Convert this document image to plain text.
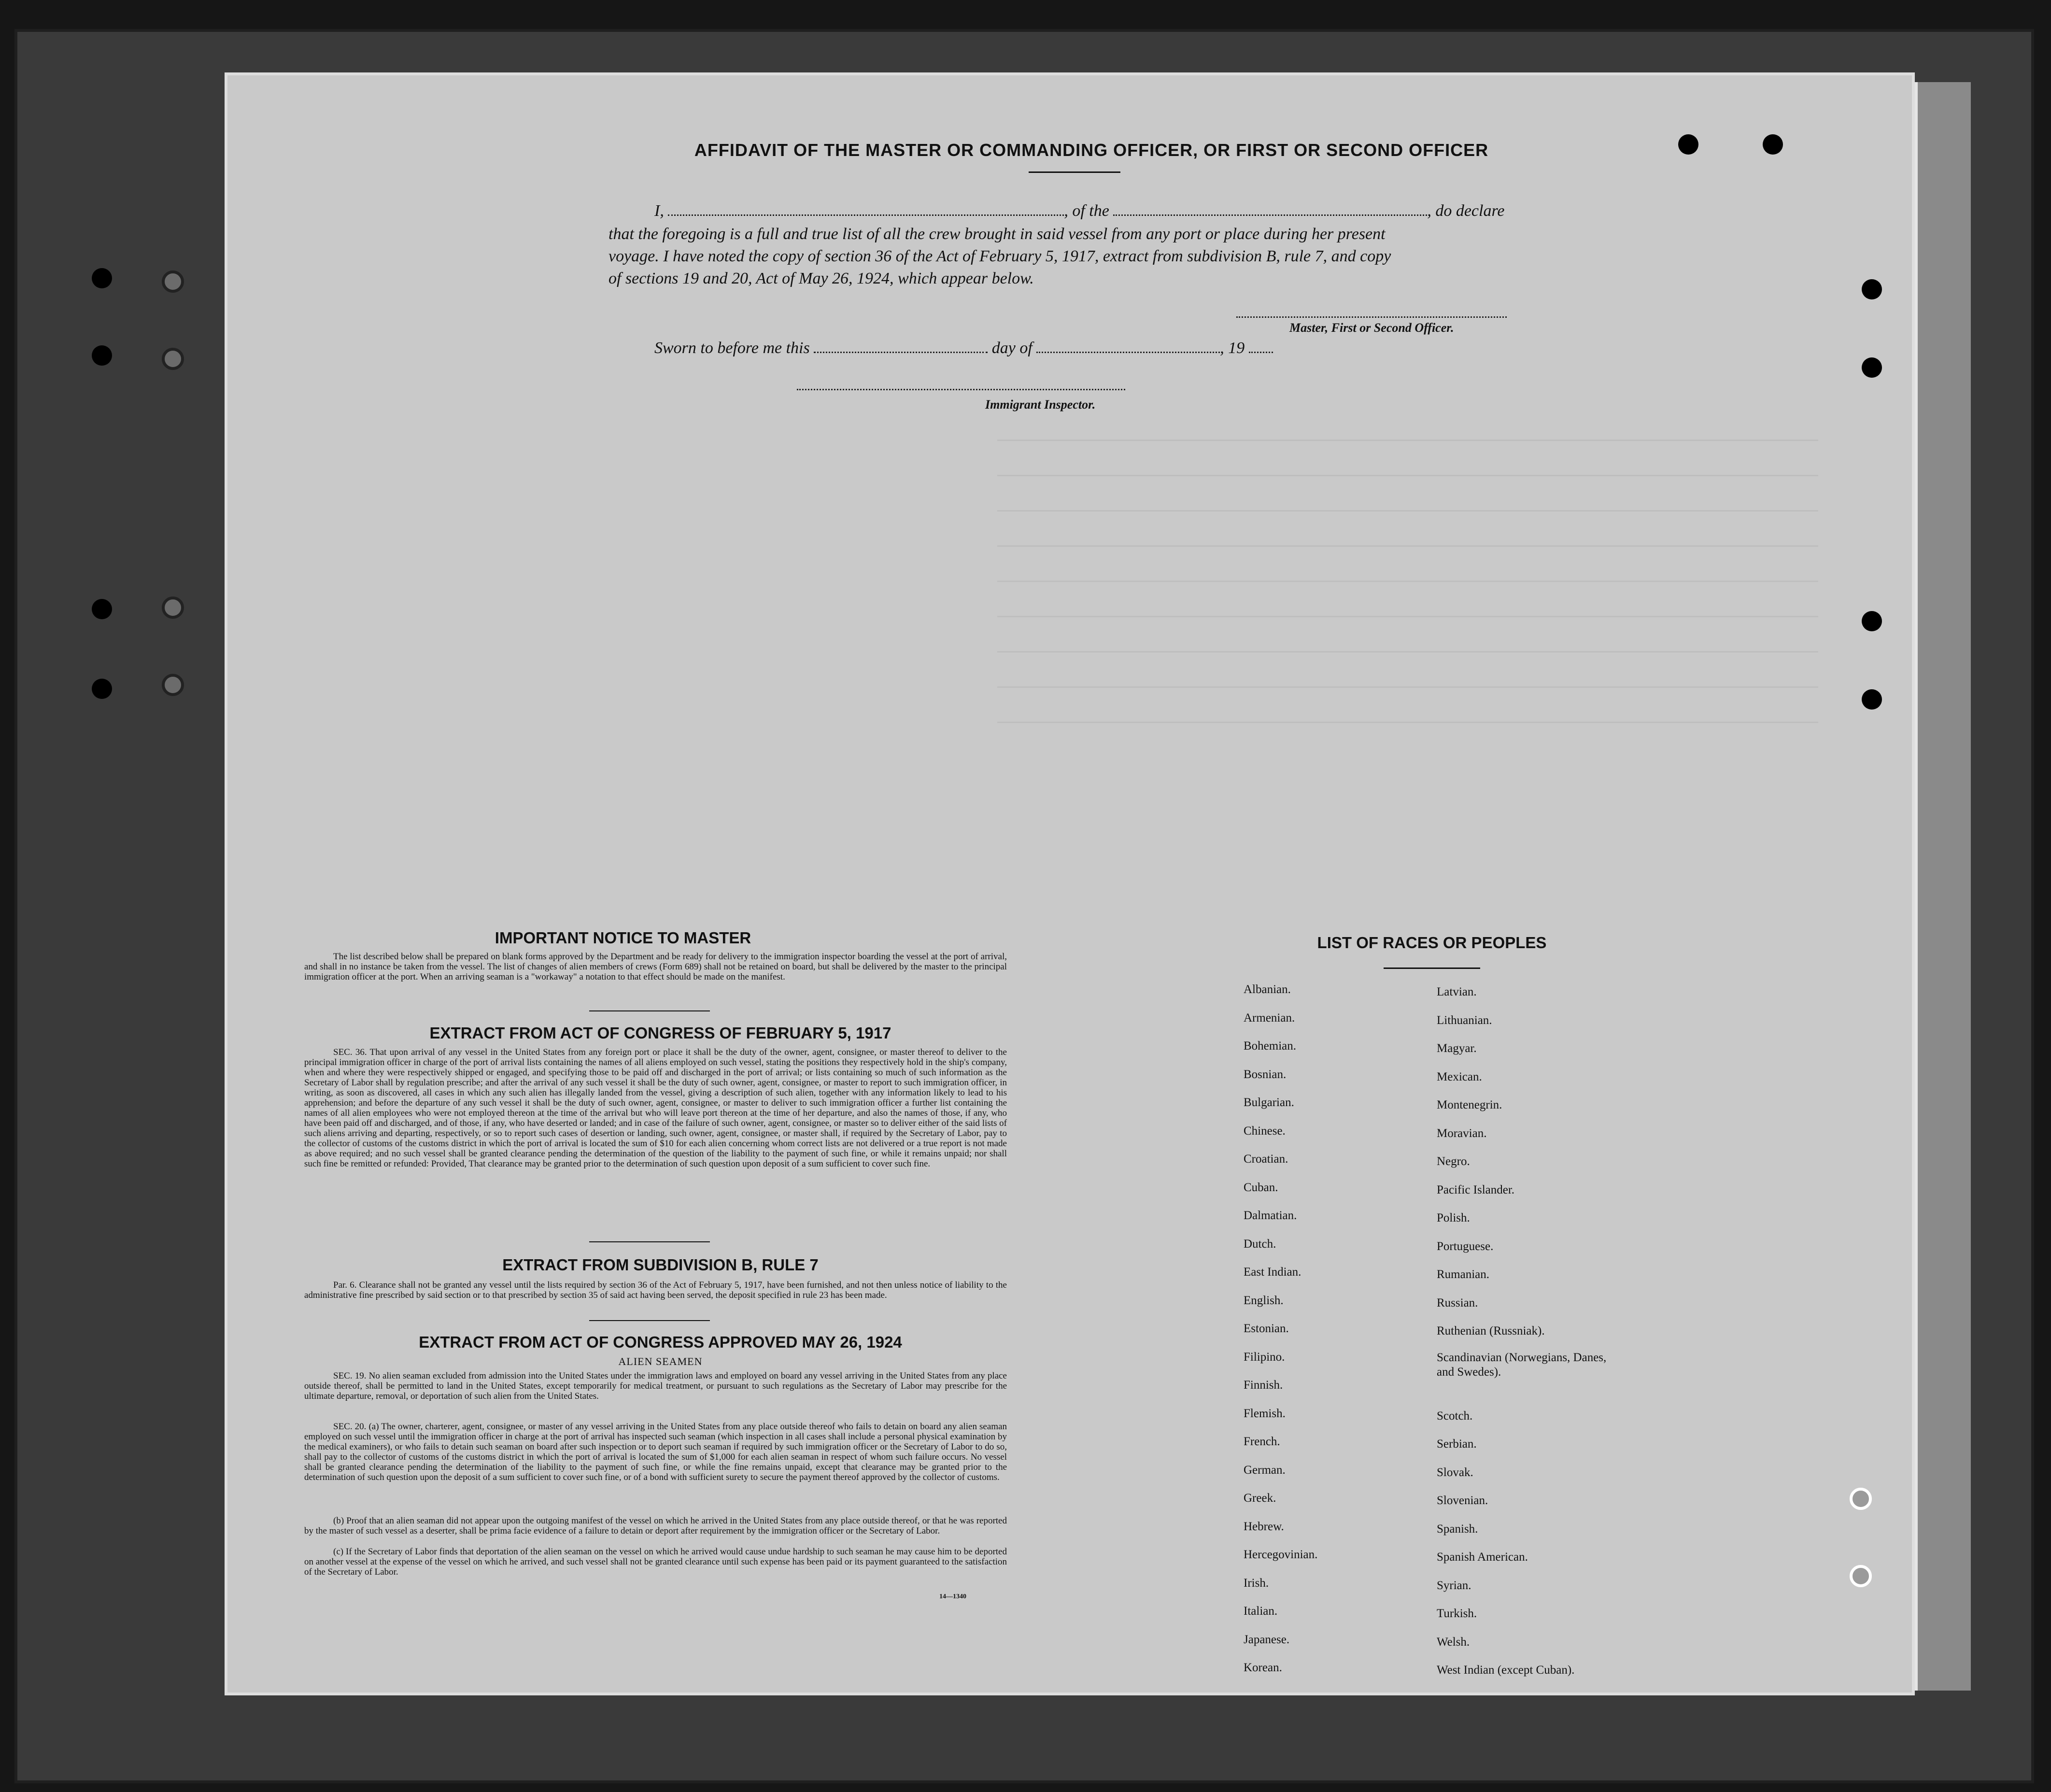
AFFIDAVIT OF THE MASTER OR COMMANDING OFFICER, OR FIRST OR SECOND OFFICER
I,	, of the	, do declare
that the foregoing is a full and true list of all the crew brought in said vessel from any port or place during her present
voyage. I have noted the copy of section 36 of the Act of February 5, 1917, extract from subdivision B, rule 7, and copy
of sections 19 and 20, Act of May 26, 1924, which appear below.
Master, First or Second Officer.
Sworn to before me this	day of	, 19
Immigrant Inspector.
IMPORTANT NOTICE TO MASTER
The list described below shall be prepared on blank forms approved by the Department and be ready for delivery to the immigration inspector boarding the vessel at the port of arrival, and shall in no instance be taken from the vessel. The list of changes of alien members of crews (Form 689) shall not be retained on board, but shall be delivered by the master to the principal immigration officer at the port. When an arriving seaman is a "workaway" a notation to that effect should be made on the manifest.
EXTRACT FROM ACT OF CONGRESS OF FEBRUARY 5, 1917
SEC. 36. That upon arrival of any vessel in the United States from any foreign port or place it shall be the duty of the owner, agent, consignee, or master thereof to deliver to the principal immigration officer in charge of the port of arrival lists containing the names of all aliens employed on such vessel, stating the positions they respectively hold in the ship's company, when and where they were respectively shipped or engaged, and specifying those to be paid off and discharged in the port of arrival; or lists containing so much of such information as the Secretary of Labor shall by regulation prescribe; and after the arrival of any such vessel it shall be the duty of such owner, agent, consignee, or master to report to such immigration officer, in writing, as soon as discovered, all cases in which any such alien has illegally landed from the vessel, giving a description of such alien, together with any information likely to lead to his apprehension; and before the departure of any such vessel it shall be the duty of such owner, agent, consignee, or master to deliver to such immigration officer a further list containing the names of all alien employees who were not employed thereon at the time of the arrival but who will leave port thereon at the time of her departure, and also the names of those, if any, who have been paid off and discharged, and of those, if any, who have deserted or landed; and in case of the failure of such owner, agent, consignee, or master so to deliver either of the said lists of such aliens arriving and departing, respectively, or so to report such cases of desertion or landing, such owner, agent, consignee, or master shall, if required by the Secretary of Labor, pay to the collector of customs of the customs district in which the port of arrival is located the sum of $10 for each alien concerning whom correct lists are not delivered or a true report is not made as above required; and no such vessel shall be granted clearance pending the determination of the question of the liability to the payment of such fine, or while it remains unpaid; nor shall such fine be remitted or refunded: Provided, That clearance may be granted prior to the determination of such question upon deposit of a sum sufficient to cover such fine.
EXTRACT FROM SUBDIVISION B, RULE 7
Par. 6. Clearance shall not be granted any vessel until the lists required by section 36 of the Act of February 5, 1917, have been furnished, and not then unless notice of liability to the administrative fine prescribed by said section or to that prescribed by section 35 of said act having been served, the deposit specified in rule 23 has been made.
EXTRACT FROM ACT OF CONGRESS APPROVED MAY 26, 1924
ALIEN SEAMEN
SEC. 19. No alien seaman excluded from admission into the United States under the immigration laws and employed on board any vessel arriving in the United States from any place outside thereof, shall be permitted to land in the United States, except temporarily for medical treatment, or pursuant to such regulations as the Secretary of Labor may prescribe for the ultimate departure, removal, or deportation of such alien from the United States.
SEC. 20. (a) The owner, charterer, agent, consignee, or master of any vessel arriving in the United States from any place outside thereof who fails to detain on board any alien seaman employed on such vessel until the immigration officer in charge at the port of arrival has inspected such seaman (which inspection in all cases shall include a personal physical examination by the medical examiners), or who fails to detain such seaman on board after such inspection or to deport such seaman if required by such immigration officer or the Secretary of Labor to do so, shall pay to the collector of customs of the customs district in which the port of arrival is located the sum of $1,000 for each alien seaman in respect of whom such failure occurs. No vessel shall be granted clearance pending the determination of the liability to the payment of such fine, or while the fine remains unpaid, except that clearance may be granted prior to the determination of such question upon the deposit of a sum sufficient to cover such fine, or of a bond with sufficient surety to secure the payment thereof approved by the collector of customs.
(b) Proof that an alien seaman did not appear upon the outgoing manifest of the vessel on which he arrived in the United States from any place outside thereof, or that he was reported by the master of such vessel as a deserter, shall be prima facie evidence of a failure to detain or deport after requirement by the immigration officer or the Secretary of Labor.
(c) If the Secretary of Labor finds that deportation of the alien seaman on the vessel on which he arrived would cause undue hardship to such seaman he may cause him to be deported on another vessel at the expense of the vessel on which he arrived, and such vessel shall not be granted clearance until such expense has been paid or its payment guaranteed to the satisfaction of the Secretary of Labor.
14—1340
LIST OF RACES OR PEOPLES
Albanian.
Armenian.
Bohemian.
Bosnian.
Bulgarian.
Chinese.
Croatian.
Cuban.
Dalmatian.
Dutch.
East Indian.
English.
Estonian.
Filipino.
Finnish.
Flemish.
French.
German.
Greek.
Hebrew.
Hercegovinian.
Irish.
Italian.
Japanese.
Korean.
Latvian.
Lithuanian.
Magyar.
Mexican.
Montenegrin.
Moravian.
Negro.
Pacific Islander.
Polish.
Portuguese.
Rumanian.
Russian.
Ruthenian (Russniak).
Scandinavian (Norwegians, Danes, and Swedes).
Scotch.
Serbian.
Slovak.
Slovenian.
Spanish.
Spanish American.
Syrian.
Turkish.
Welsh.
West Indian (except Cuban).
